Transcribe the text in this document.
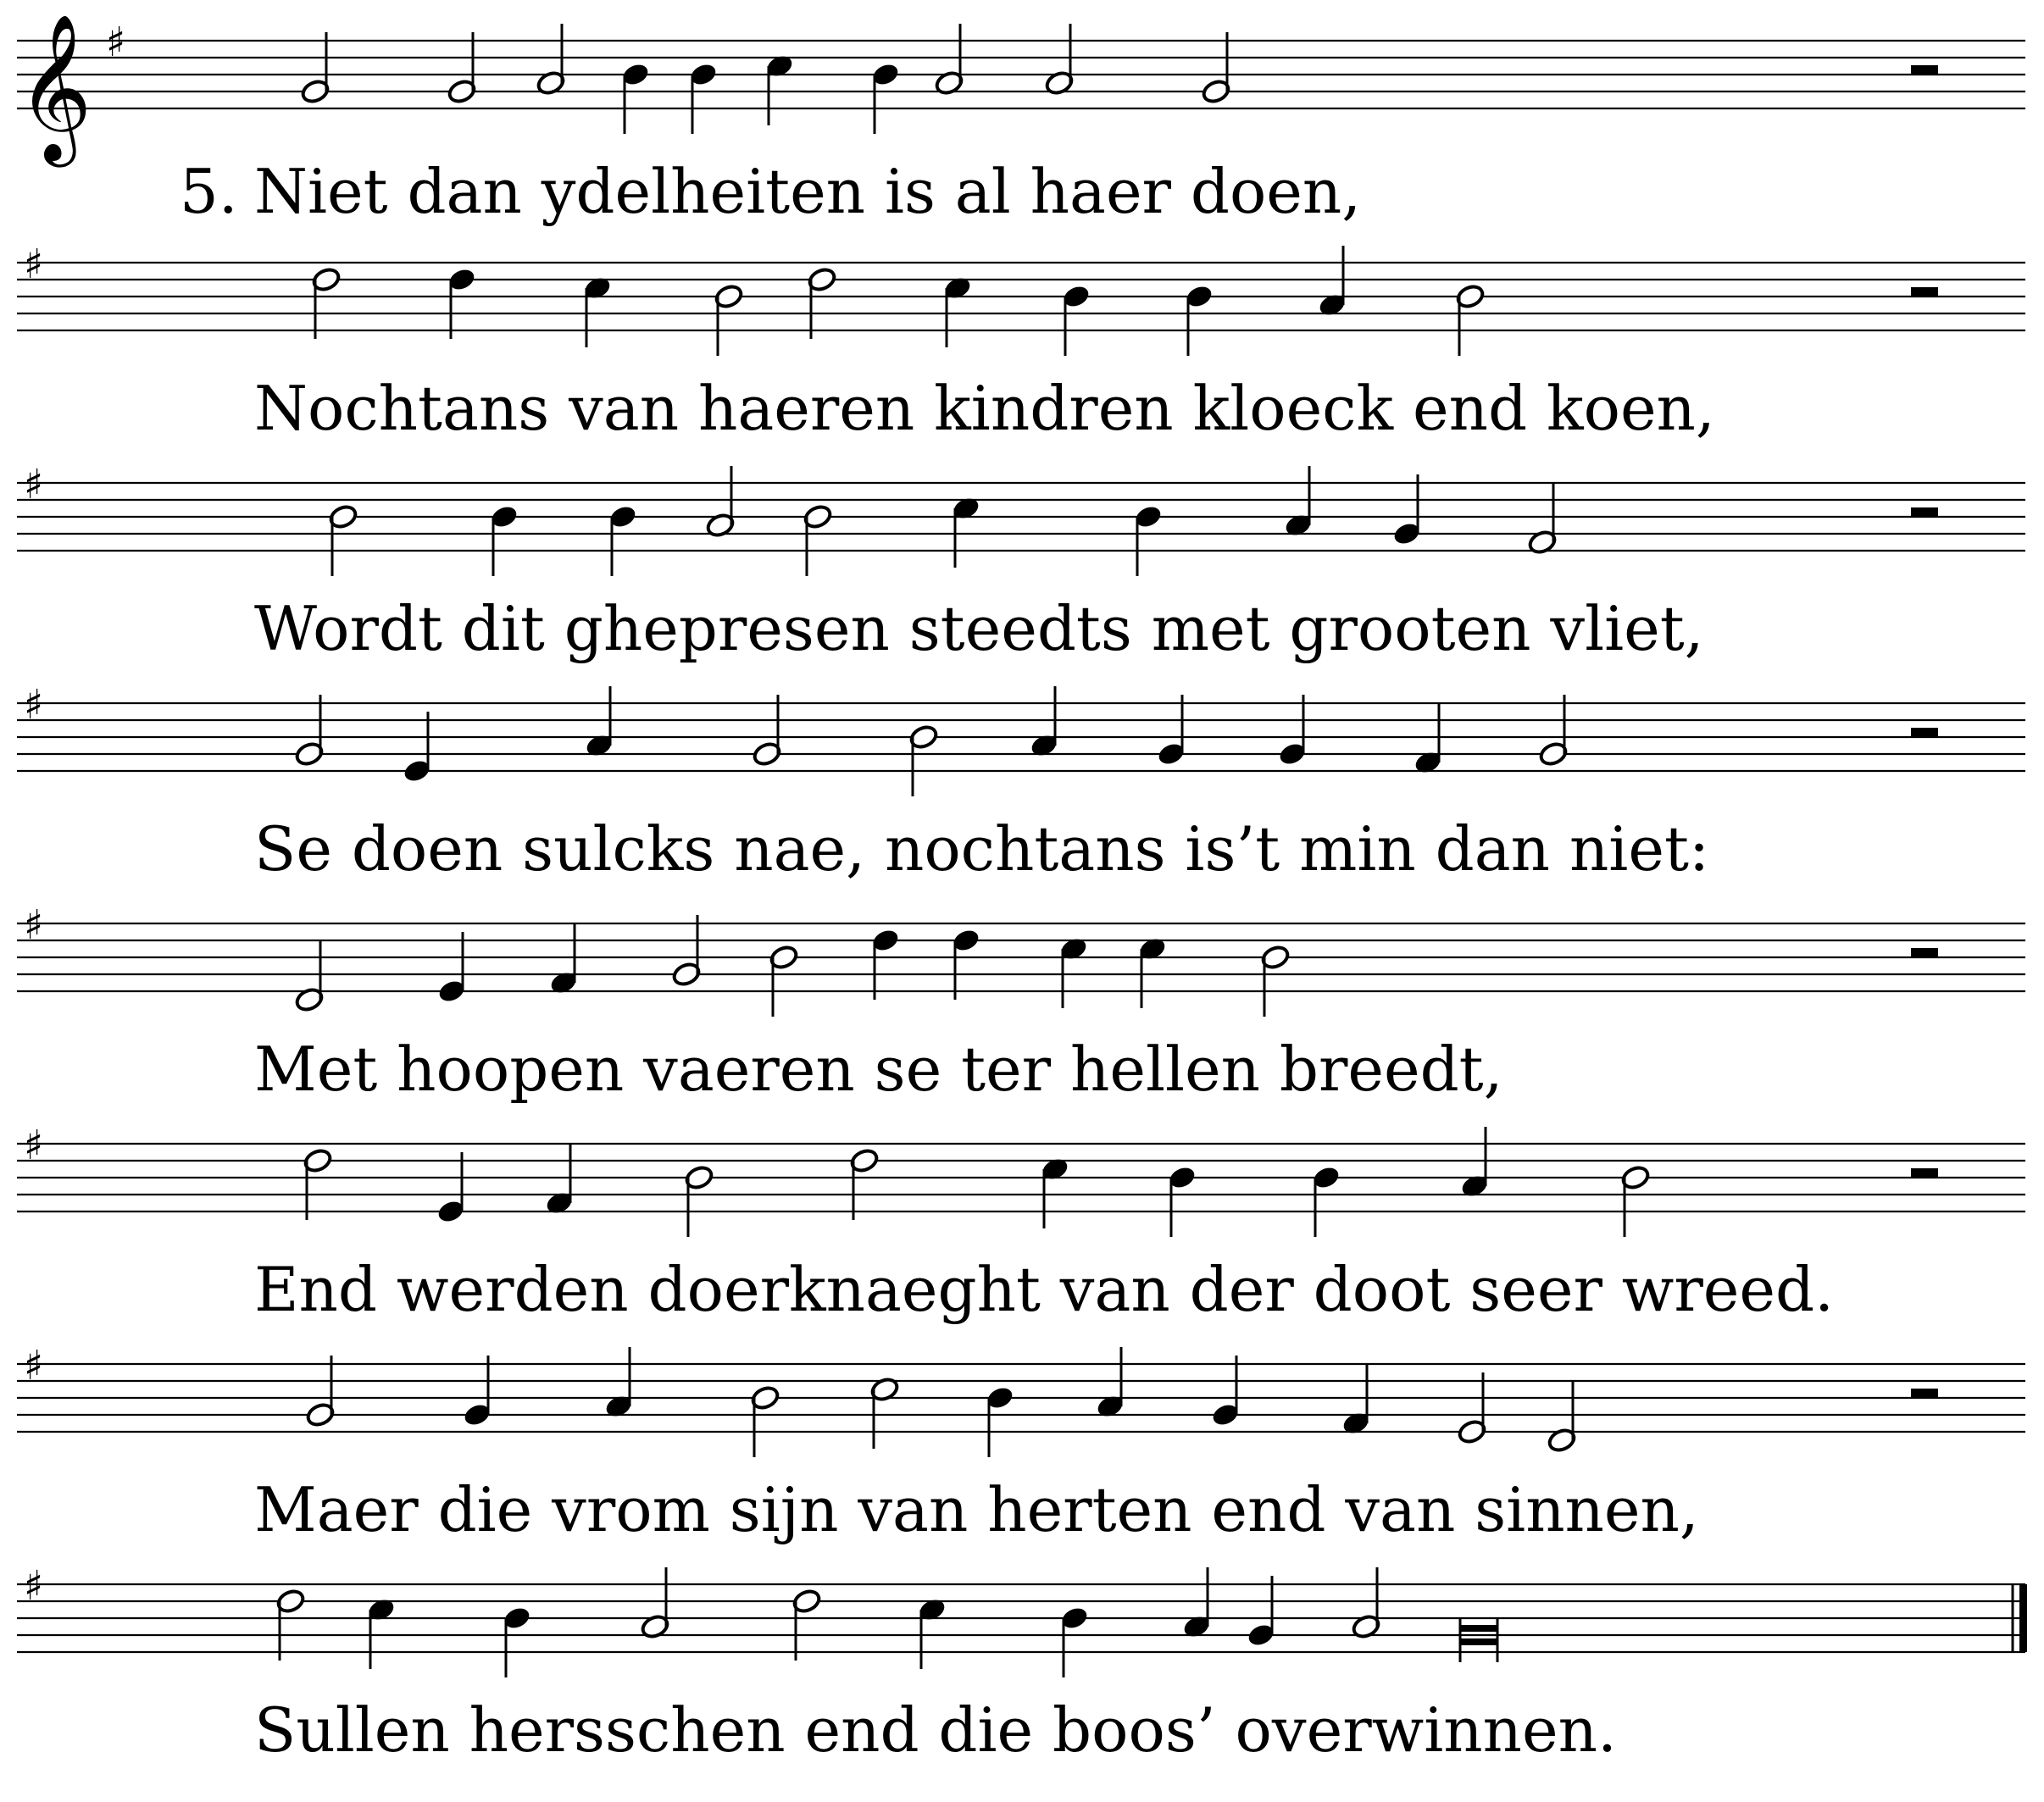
𝄞 ♯
♯
♯
♯
♯
♯
♯
♯
5. Niet dan ydelheiten is al haer doen,

Nochtans van haeren kindren kloeck end koen,

Wordt dit ghepresen steedts met grooten vliet,

Se doen sulcks nae, nochtans is’t min dan niet:

Met hoopen vaeren se ter hellen breedt,

End werden doerknaeght van der doot seer wreed.

Maer die vrom sijn van herten end van sinnen,

Sullen hersschen end die boos’ overwinnen.
